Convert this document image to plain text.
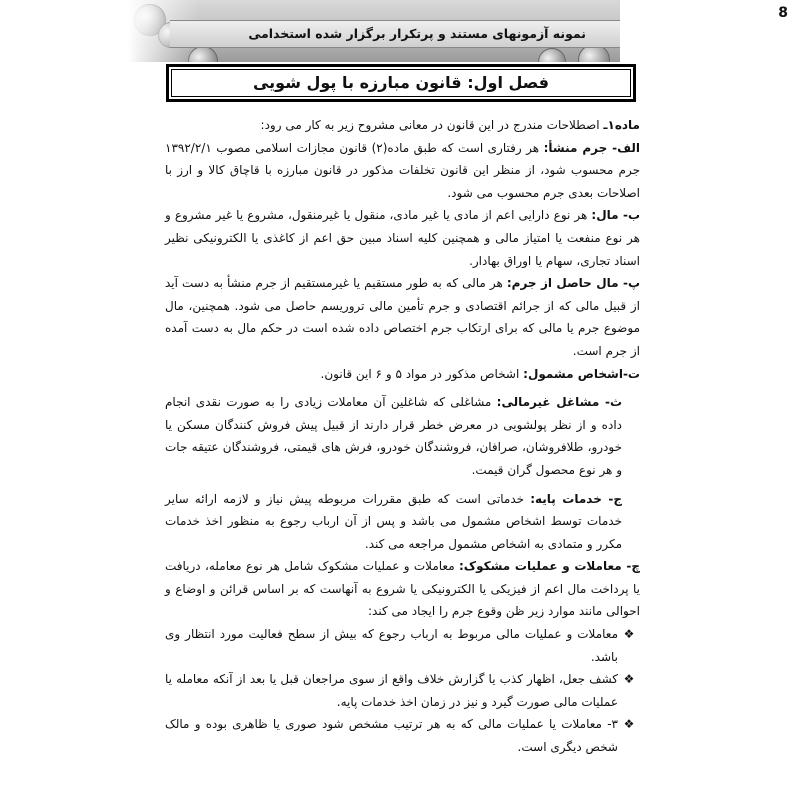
نمونه آزمونهای مستند و پرتکرار برگزار شده استخدامی
8
فصل اول: قانون مبارزه با پول شویی

ماده۱ـ اصطلاحات مندرج در این قانون در معانی مشروح زیر به کار می رود:

الف- جرم منشأ: هر رفتاری است که طبق ماده(۲) قانون مجازات اسلامی مصوب ۱۳۹۲/۲/۱ جرم محسوب شود، از منظر این قانون تخلفات مذکور در قانون مبارزه با قاچاق کالا و ارز با اصلاحات بعدی جرم محسوب می شود.

ب- مال: هر نوع دارایی اعم از مادی یا غیر مادی، منقول یا غیرمنقول، مشروع یا غیر مشروع و هر نوع منفعت یا امتیاز مالی و همچنین کلیه اسناد مبین حق اعم از کاغذی یا الکترونیکی نظیر اسناد تجاری، سهام یا اوراق بهادار.

پ- مال حاصل از جرم: هر مالی که به طور مستقیم یا غیرمستقیم از جرم منشأ به دست آید از قبیل مالی که از جرائم اقتصادی و جرم تأمین مالی تروریسم حاصل می شود. همچنین، مال موضوع جرم یا مالی که برای ارتکاب جرم اختصاص داده شده است در حکم مال به دست آمده از جرم است.

ت-اشخاص مشمول: اشخاص مذکور در مواد ۵ و ۶ این قانون.

ث- مشاغل غیرمالی: مشاغلی که شاغلین آن معاملات زیادی را به صورت نقدی انجام داده و از نظر پولشویی در معرض خطر قرار دارند از قبیل پیش فروش کنندگان مسکن یا خودرو، طلافروشان، صرافان، فروشندگان خودرو، فرش های قیمتی، فروشندگان عتیقه جات و هر نوع محصول گران قیمت.

ج- خدمات پایه: خدماتی است که طبق مقررات مربوطه پیش نیاز و لازمه ارائه سایر خدمات توسط اشخاص مشمول می باشد و پس از آن ارباب رجوع به منظور اخذ خدمات مکرر و متمادی به اشخاص مشمول مراجعه می کند.

چ- معاملات و عملیات مشکوک: معاملات و عملیات مشکوک شامل هر نوع معامله، دریافت یا پرداخت مال اعم از فیزیکی یا الکترونیکی یا شروع به آنهاست که بر اساس قرائن و اوضاع و احوالی مانند موارد زیر ظن وقوع جرم را ایجاد می کند:

❖
معاملات و عملیات مالی مربوط به ارباب رجوع که بیش از سطح فعالیت مورد انتظار وی باشد.
❖
کشف جعل، اظهار کذب یا گزارش خلاف واقع از سوی مراجعان قبل یا بعد از آنکه معامله یا عملیات مالی صورت گیرد و نیز در زمان اخذ خدمات پایه.
❖
۳- معاملات یا عملیات مالی که به هر ترتیب مشخص شود صوری یا ظاهری بوده و مالک شخص دیگری است.
